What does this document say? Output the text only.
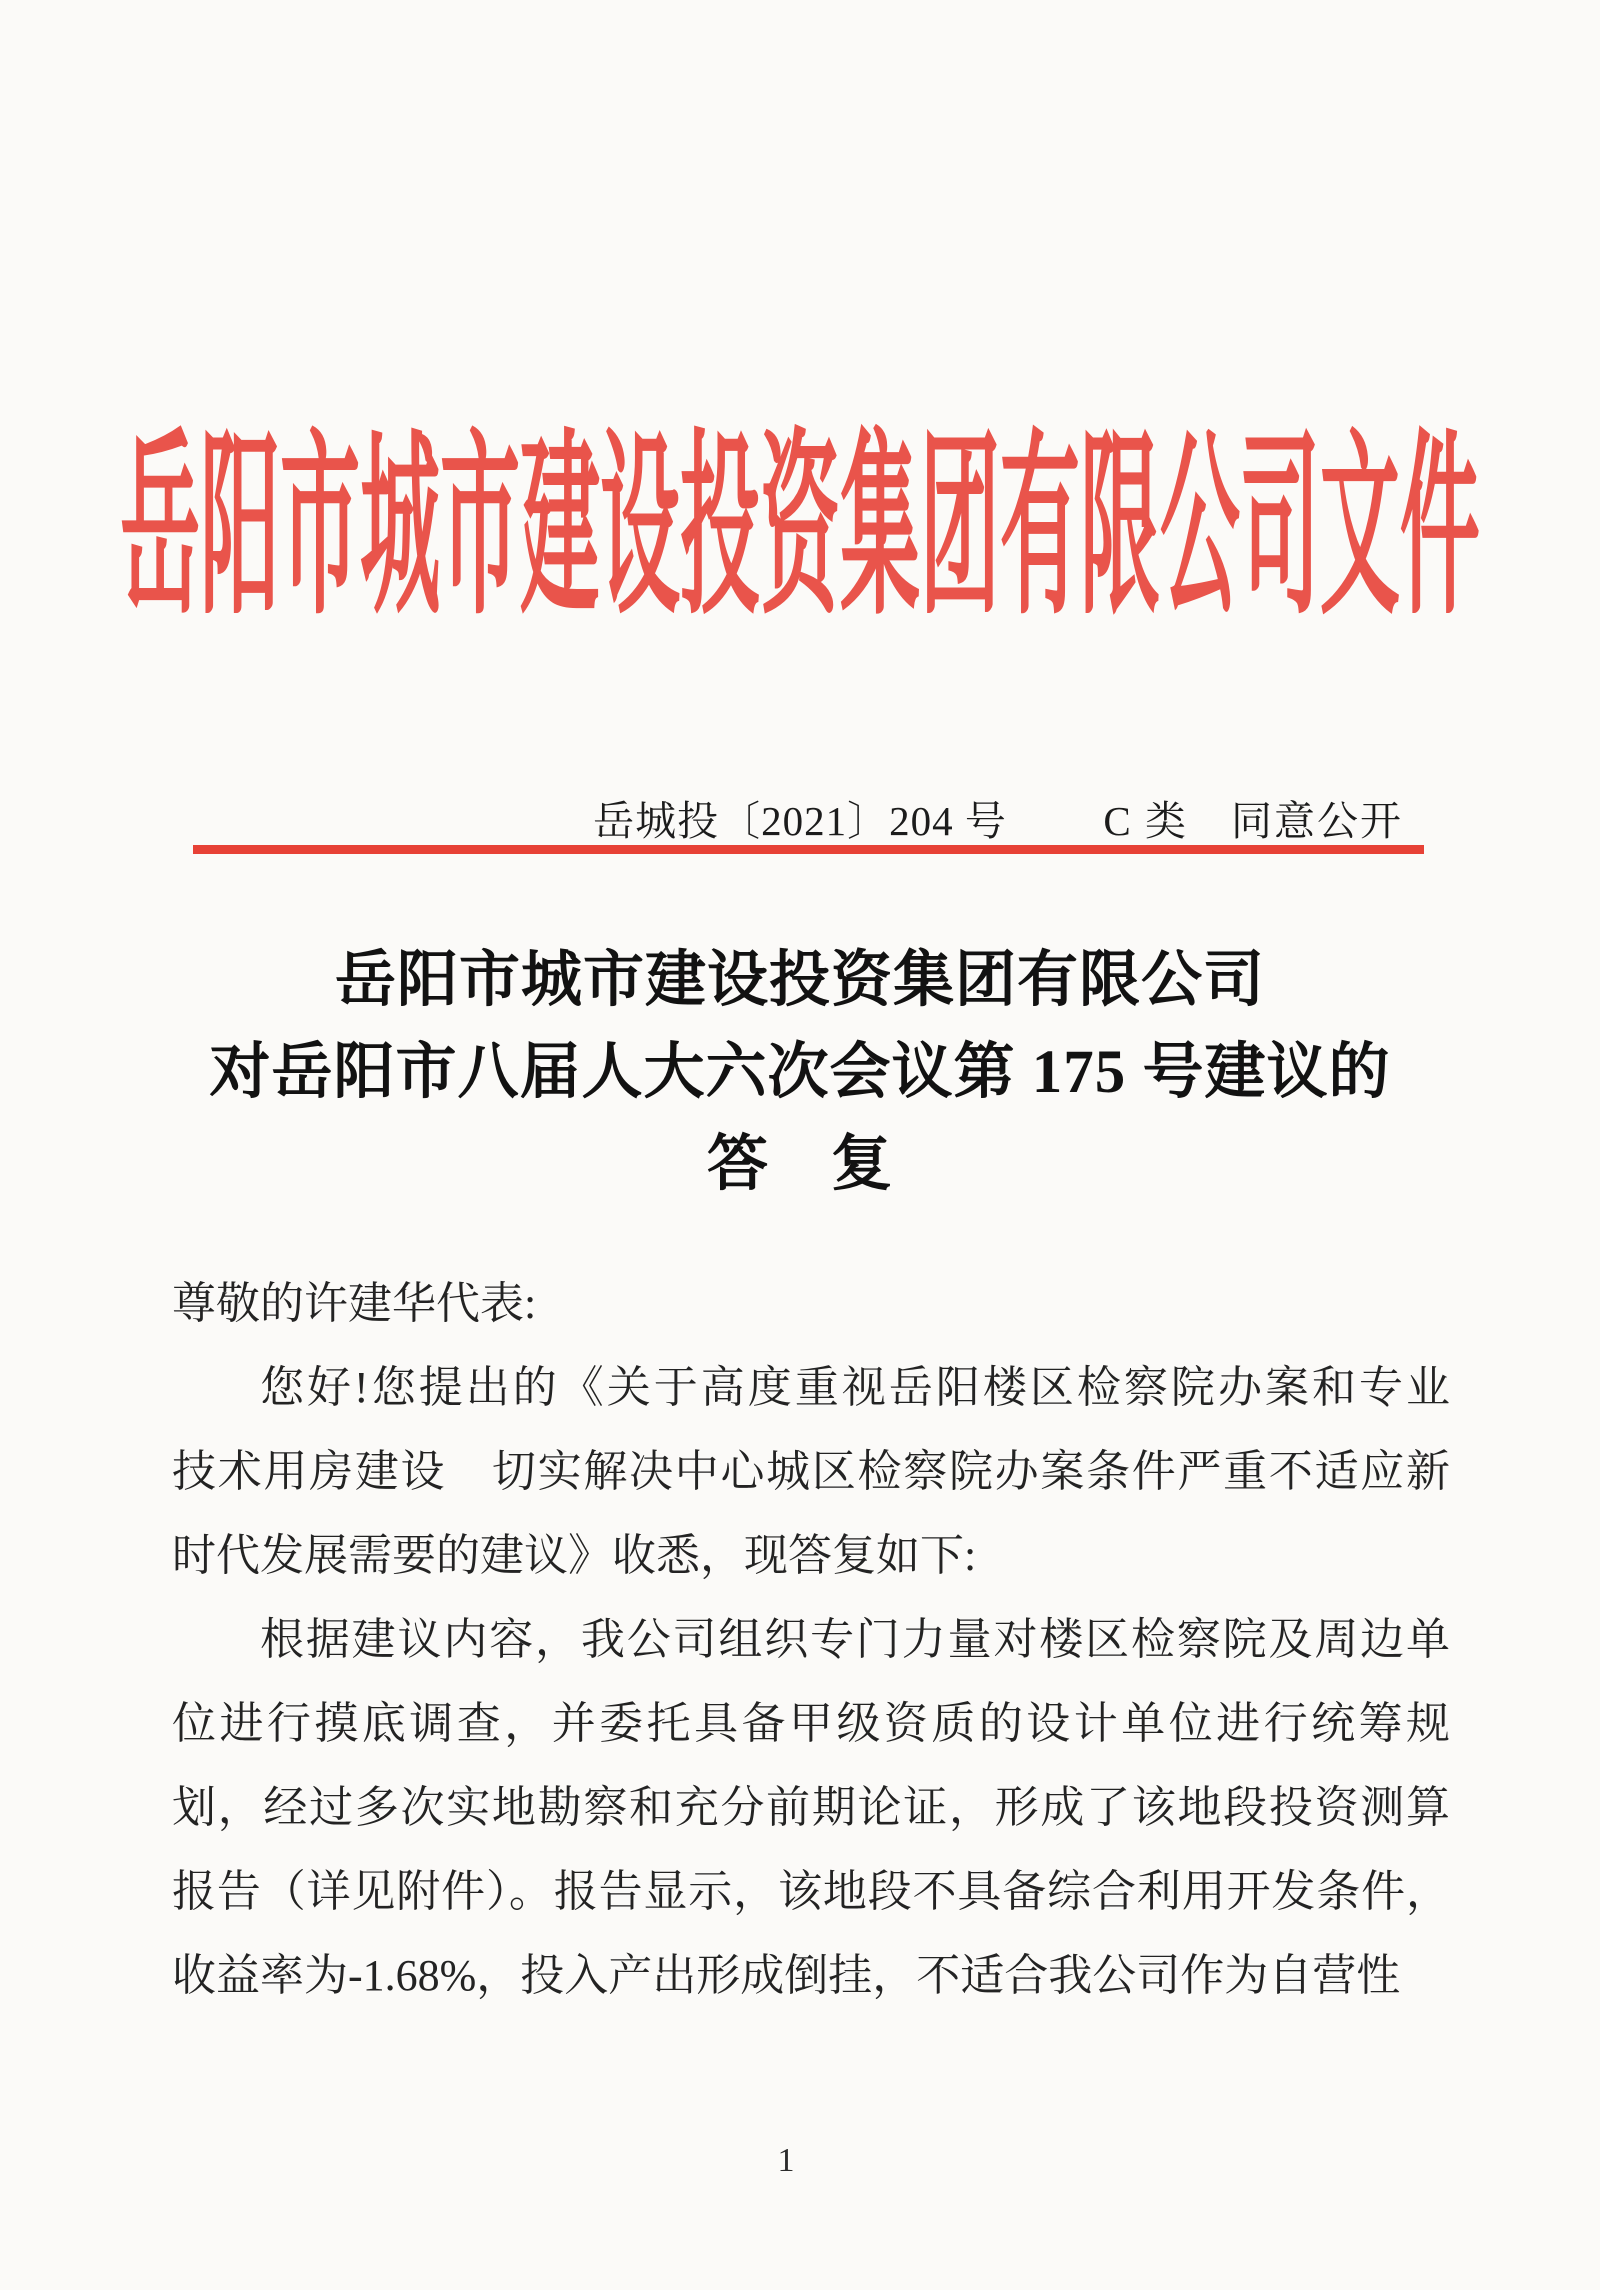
岳阳市城市建设投资集团有限公司文件
岳城投〔2021〕204 号 C 类　同意公开
岳阳市城市建设投资集团有限公司
对岳阳市八届人大六次会议第 175 号建议的
答　复
尊敬的许建华代表:
您好!您提出的《关于高度重视岳阳楼区检察院办案和专业
技术用房建设　切实解决中心城区检察院办案条件严重不适应新
时代发展需要的建议》收悉，现答复如下:
根据建议内容，我公司组织专门力量对楼区检察院及周边单
位进行摸底调查，并委托具备甲级资质的设计单位进行统筹规
划，经过多次实地勘察和充分前期论证，形成了该地段投资测算
报告（详见附件）。报告显示，该地段不具备综合利用开发条件，
收益率为-1.68%，投入产出形成倒挂，不适合我公司作为自营性
1
